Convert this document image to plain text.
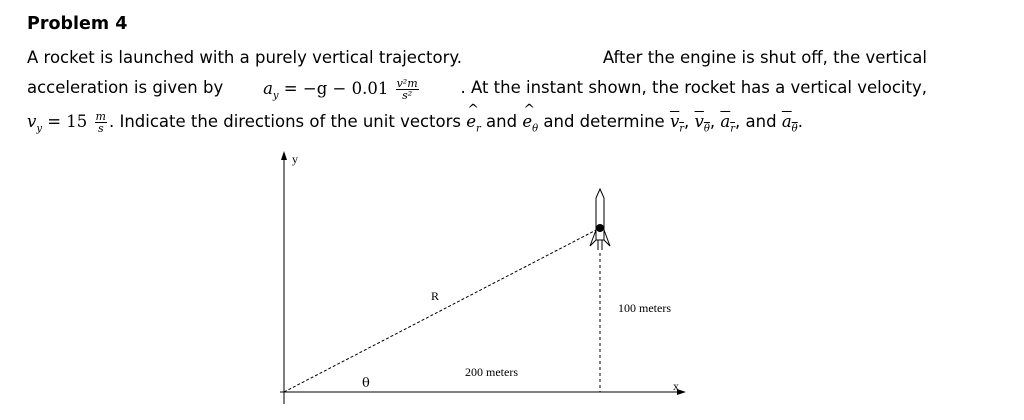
Problem 4
A rocket is launched with a purely vertical trajectory.	After the engine is shut off, the vertical
acceleration is given by $a_y = -g - 0.01 \frac{\text{v²m}}{\text{s²}}$	. At the instant shown, the rocket has a vertical velocity,
$v_y = 15 \frac{m}{s}$ . Indicate the directions of the unit vectors ^ $e_r$ and ^ $e_\theta$ and determine $v_r$, $v_\theta$, $a_r$, and $a_\theta$.
y
x
R
θ
200 meters
100 meters
